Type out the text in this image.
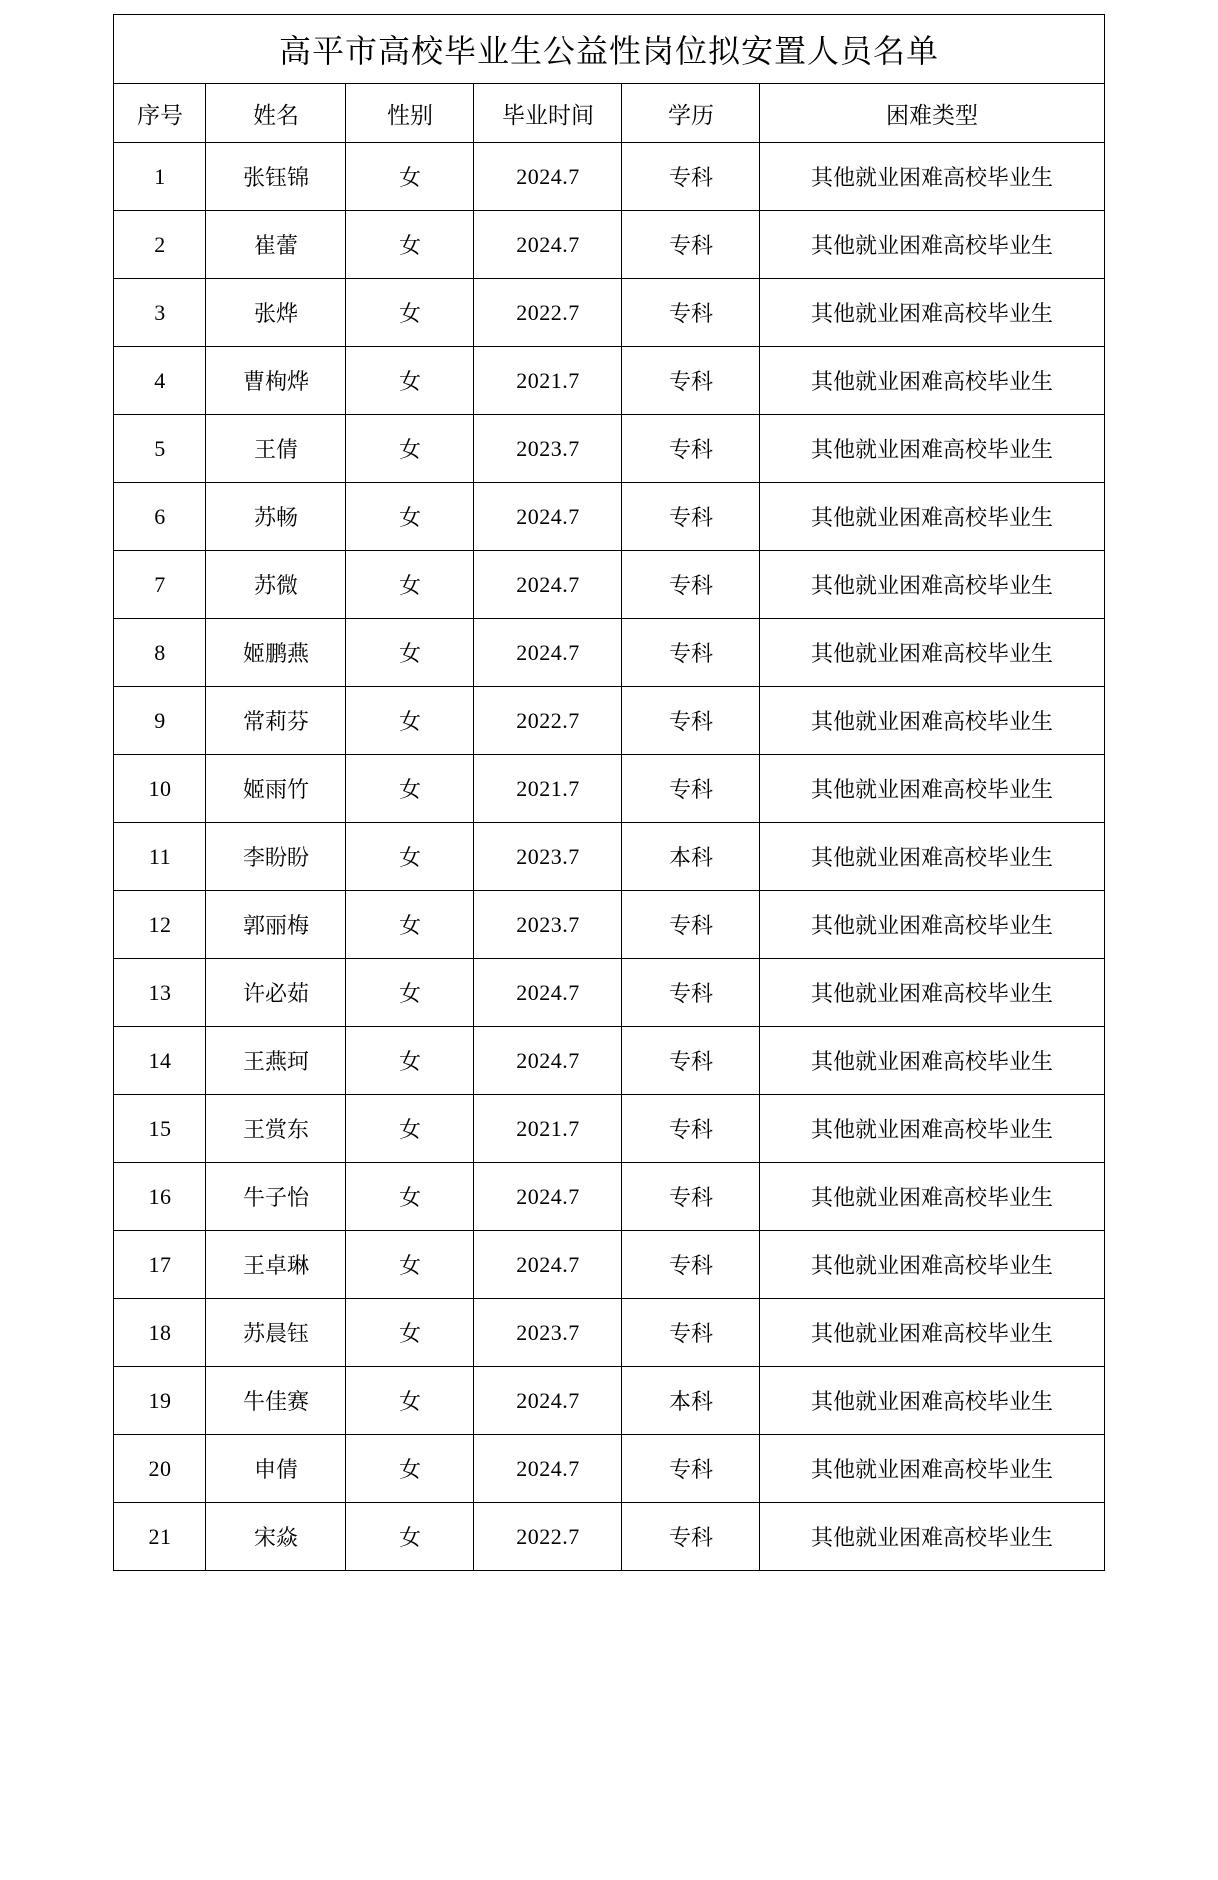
高平市高校毕业生公益性岗位拟安置人员名单					
序号	姓名	性别	毕业时间	学历	困难类型
1	张钰锦	女	2024.7	专科	其他就业困难高校毕业生
2	崔蕾	女	2024.7	专科	其他就业困难高校毕业生
3	张烨	女	2022.7	专科	其他就业困难高校毕业生
4	曹栒烨	女	2021.7	专科	其他就业困难高校毕业生
5	王倩	女	2023.7	专科	其他就业困难高校毕业生
6	苏畅	女	2024.7	专科	其他就业困难高校毕业生
7	苏微	女	2024.7	专科	其他就业困难高校毕业生
8	姬鹏燕	女	2024.7	专科	其他就业困难高校毕业生
9	常莉芬	女	2022.7	专科	其他就业困难高校毕业生
10	姬雨竹	女	2021.7	专科	其他就业困难高校毕业生
11	李盼盼	女	2023.7	本科	其他就业困难高校毕业生
12	郭丽梅	女	2023.7	专科	其他就业困难高校毕业生
13	许必茹	女	2024.7	专科	其他就业困难高校毕业生
14	王燕珂	女	2024.7	专科	其他就业困难高校毕业生
15	王赏东	女	2021.7	专科	其他就业困难高校毕业生
16	牛子怡	女	2024.7	专科	其他就业困难高校毕业生
17	王卓琳	女	2024.7	专科	其他就业困难高校毕业生
18	苏晨钰	女	2023.7	专科	其他就业困难高校毕业生
19	牛佳赛	女	2024.7	本科	其他就业困难高校毕业生
20	申倩	女	2024.7	专科	其他就业困难高校毕业生
21	宋焱	女	2022.7	专科	其他就业困难高校毕业生
